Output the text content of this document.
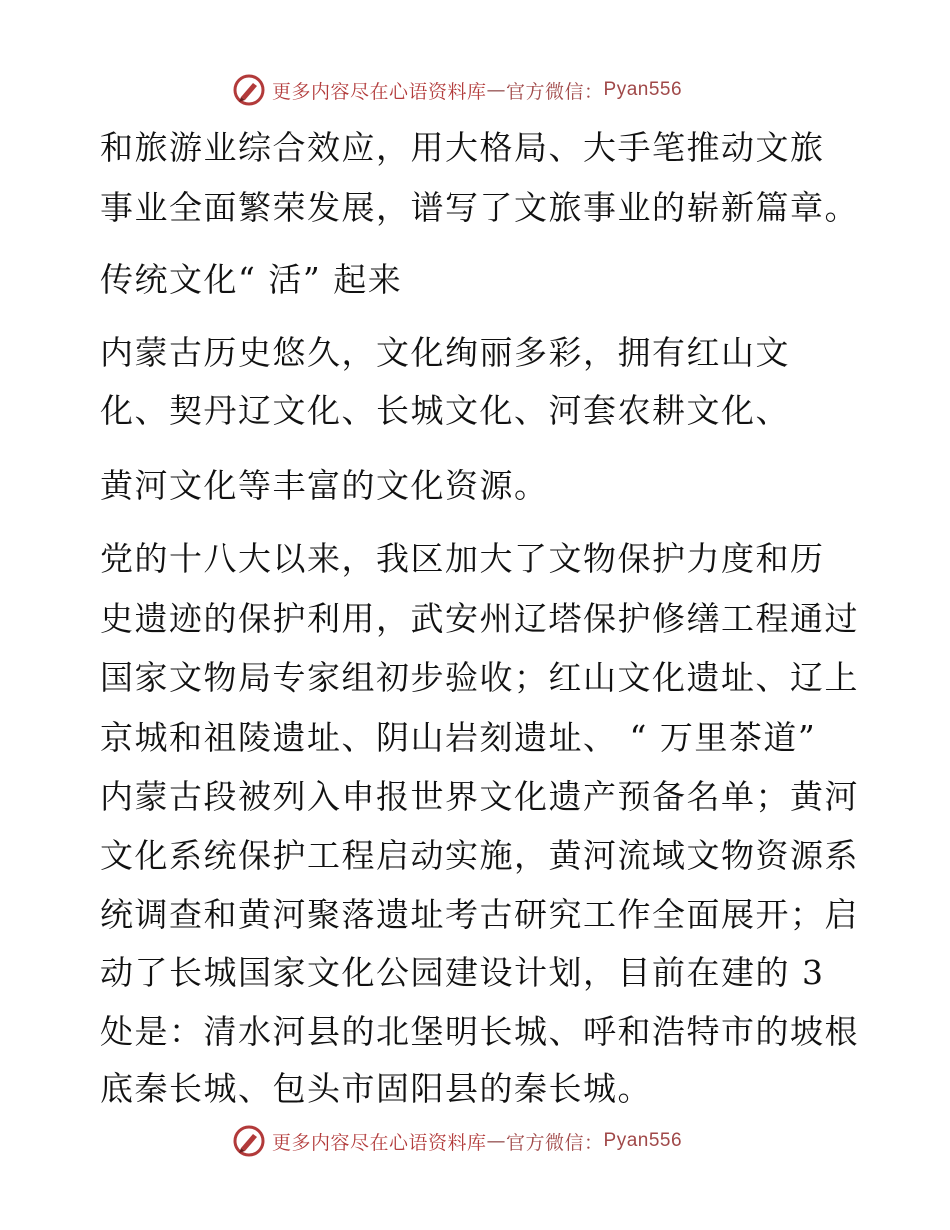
更多内容尽在心语资料库 — 官方微信： Pyan556
和旅游业综合效应，用大格局、大手笔推动文旅
事业全面繁荣发展，谱写了文旅事业的崭新篇章。
传统文化“ 活” 起来
内蒙古历史悠久，文化绚丽多彩，拥有红山文
化、契丹辽文化、长城文化、河套农耕文化、
黄河文化等丰富的文化资源。
党的十八大以来，我区加大了文物保护力度和历
史遗迹的保护利用，武安州辽塔保护修缮工程通过
国家文物局专家组初步验收；红山文化遗址、辽上
京城和祖陵遗址、阴山岩刻遗址、 “ 万里茶道”
内蒙古段被列入申报世界文化遗产预备名单；黄河
文化系统保护工程启动实施，黄河流域文物资源系
统调查和黄河聚落遗址考古研究工作全面展开；启
动了长城国家文化公园建设计划，目前在建的 3
处是：清水河县的北堡明长城、呼和浩特市的坡根
底秦长城、包头市固阳县的秦长城。
更多内容尽在心语资料库 — 官方微信： Pyan556
